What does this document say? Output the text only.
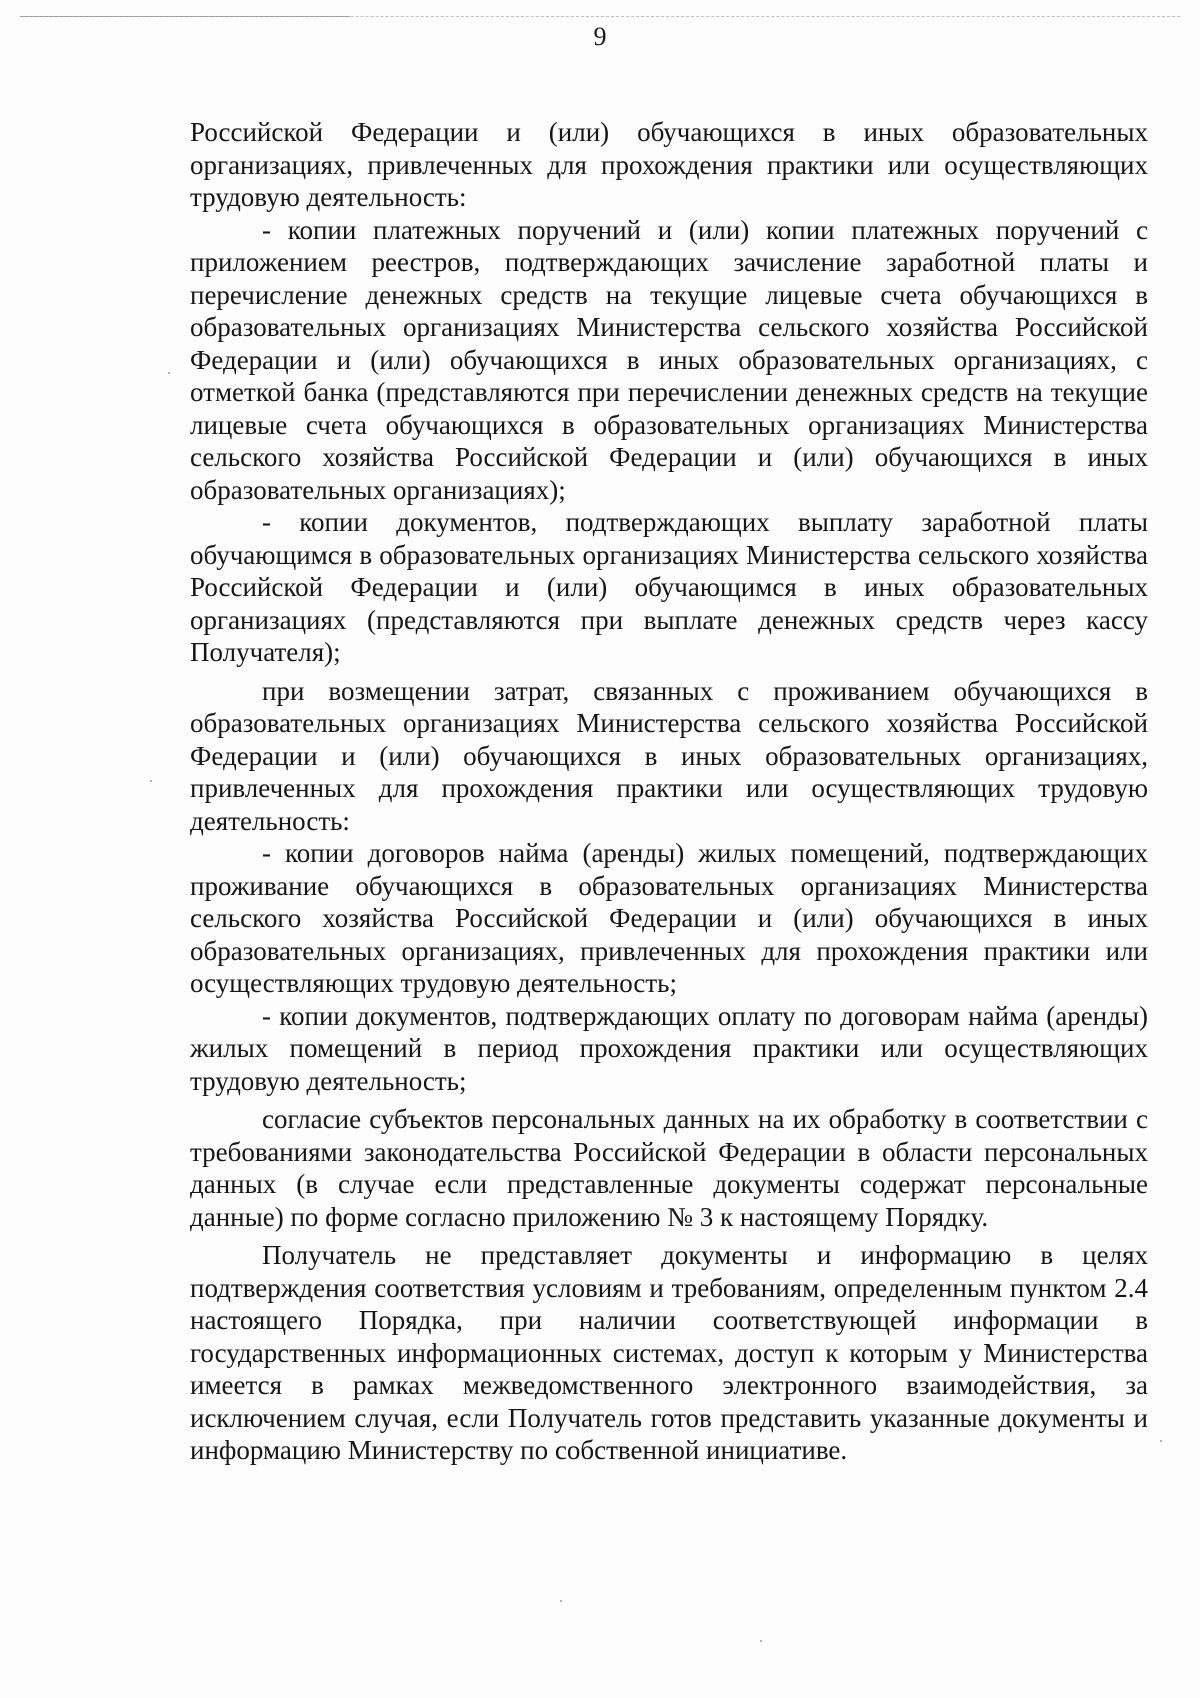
9

Российской Федерации и (или) обучающихся в иных образовательных организациях, привлеченных для прохождения практики или осуществляющих трудовую деятельность:

- копии платежных поручений и (или) копии платежных поручений с приложением реестров, подтверждающих зачисление заработной платы и перечисление денежных средств на текущие лицевые счета обучающихся в образовательных организациях Министерства сельского хозяйства Российской Федерации и (или) обучающихся в иных образовательных организациях, с отметкой банка (представляются при перечислении денежных средств на текущие лицевые счета обучающихся в образовательных организациях Министерства сельского хозяйства Российской Федерации и (или) обучающихся в иных образовательных организациях);

- копии документов, подтверждающих выплату заработной платы обучающимся в образовательных организациях Министерства сельского хозяйства Российской Федерации и (или) обучающимся в иных образовательных организациях (представляются при выплате денежных средств через кассу Получателя);

при возмещении затрат, связанных с проживанием обучающихся в образовательных организациях Министерства сельского хозяйства Российской Федерации и (или) обучающихся в иных образовательных организациях, привлеченных для прохождения практики или осуществляющих трудовую деятельность:

- копии договоров найма (аренды) жилых помещений, подтверждающих проживание обучающихся в образовательных организациях Министерства сельского хозяйства Российской Федерации и (или) обучающихся в иных образовательных организациях, привлеченных для прохождения практики или осуществляющих трудовую деятельность;

- копии документов, подтверждающих оплату по договорам найма (аренды) жилых помещений в период прохождения практики или осуществляющих трудовую деятельность;

согласие субъектов персональных данных на их обработку в соответствии с требованиями законодательства Российской Федерации в области персональных данных (в случае если представленные документы содержат персональные данные) по форме согласно приложению № 3 к настоящему Порядку.

Получатель не представляет документы и информацию в целях подтверждения соответствия условиям и требованиям, определенным пунктом 2.4 настоящего Порядка, при наличии соответствующей информации в государственных информационных системах, доступ к которым у Министерства имеется в рамках межведомственного электронного взаимодействия, за исключением случая, если Получатель готов представить указанные документы и информацию Министерству по собственной инициативе.
